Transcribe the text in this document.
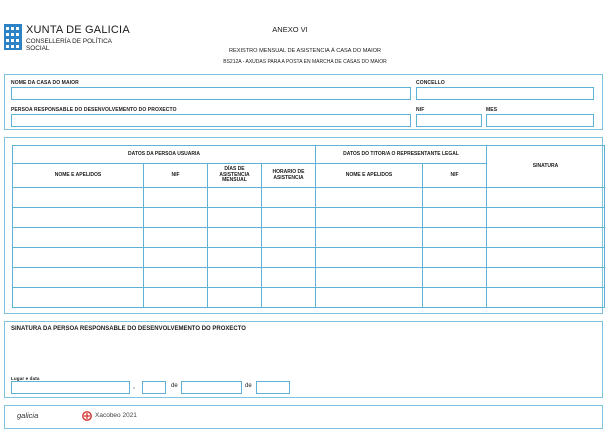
XUNTA DE GALICIA
CONSELLERÍA DE POLÍTICA SOCIAL
ANEXO VI
REXISTRO MENSUAL DE ASISTENCIA Á CASA DO MAIOR
BS212A - AXUDAS PARA A POSTA EN MARCHA DE CASAS DO MAIOR
NOME DA CASA DO MAIOR	CONCELLO
PERSOA RESPONSABLE DO DESENVOLVEMENTO DO PROXECTO	NIF	MES
DATOS DA PERSOA USUARIA				DATOS DO TITOR/A O REPRESENTANTE LEGAL		SINATURA
NOME E APELIDOS	NIF	DÍAS DE ASISTENCIA MENSUAL	HORARIO DE ASISTENCIA	NOME E APELIDOS	NIF	

SINATURA DA PERSOA RESPONSABLE DO DESENVOLVEMENTO DO PROXECTO
Lugar e data
,	de	de
galicia	Xacobeo 2021
